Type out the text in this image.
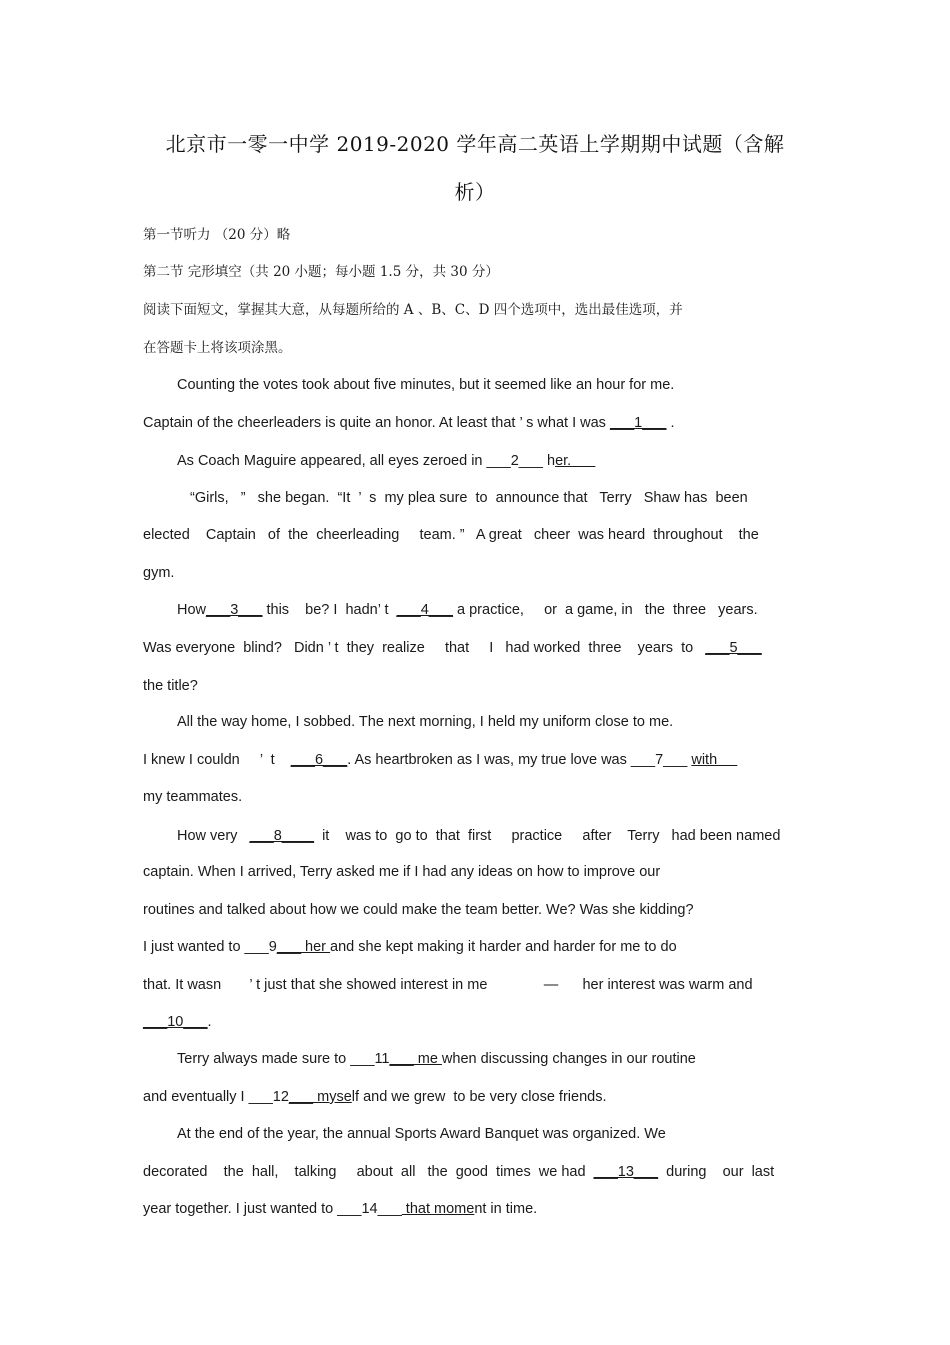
北京市一零一中学 2019-2020 学年高二英语上学期期中试题（含解
析）
第一节听力 （20 分）略
第二节 完形填空（共 20 小题；每小题 1.5 分，共 30 分）
阅读下面短文，掌握其大意，从每题所给的 A 、B、C、D 四个选项中，选出最佳选项，并
在答题卡上将该项涂黑。
Counting the votes took about five minutes, but it seemed like an hour for me.
Captain of the cheerleaders is quite an honor. At least that ’ s what I was ___1___ .
As Coach Maguire appeared, all eyes zeroed in ___2___ her.
“Girls,   ”   she began.  “It  ’  s  my plea sure  to  announce that   Terry   Shaw has  been
elected    Captain   of  the  cheerleading     team. ”   A great   cheer  was heard  throughout    the
gym.
How___3___ this    be? I  hadn’ t  ___4___ a practice,     or  a game, in   the  three   years.
Was everyone  blind?   Didn ’ t  they  realize     that     I   had worked  three    years  to   ___5___
the title?
All the way home, I sobbed. The next morning, I held my uniform close to me.
I knew I couldn     ’  t    ___6___. As heartbroken as I was, my true love was ___7___ with
my teammates.
How very   ___8____  it    was to  go to  that  first     practice     after    Terry   had been named
captain. When I arrived, Terry asked me if I had any ideas on how to improve our
routines and talked about how we could make the team better. We? Was she kidding?
I just wanted to ___9___ her and she kept making it harder and harder for me to do
that. It wasn       ’ t just that she showed interest in me              —      her interest was warm and
___10___.
Terry always made sure to ___11___ me when discussing changes in our routine
and eventually I ___12___ myself and we grew  to be very close friends.
At the end of the year, the annual Sports Award Banquet was organized. We
decorated    the  hall,    talking     about  all   the  good  times  we had  ___13___  during    our  last
year together. I just wanted to ___14___ that moment in time.
